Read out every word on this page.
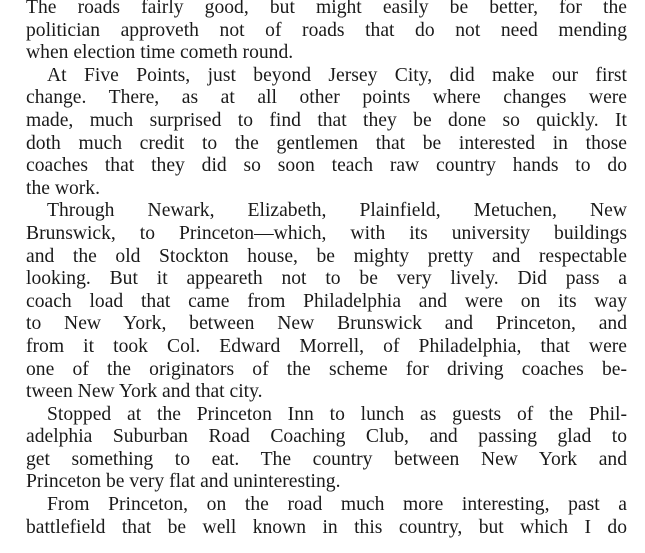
The roads fairly good, but might easily be better, for the
politician approveth not of roads that do not need mending
when election time cometh round.
At Five Points, just beyond Jersey City, did make our first
change. There, as at all other points where changes were
made, much surprised to find that they be done so quickly. It
doth much credit to the gentlemen that be interested in those
coaches that they did so soon teach raw country hands to do
the work.
Through Newark, Elizabeth, Plainfield, Metuchen, New
Brunswick, to Princeton—which, with its university buildings
and the old Stockton house, be mighty pretty and respectable
looking. But it appeareth not to be very lively. Did pass a
coach load that came from Philadelphia and were on its way
to New York, between New Brunswick and Princeton, and
from it took Col. Edward Morrell, of Philadelphia, that were
one of the originators of the scheme for driving coaches be-
tween New York and that city.
Stopped at the Princeton Inn to lunch as guests of the Phil-
adelphia Suburban Road Coaching Club, and passing glad to
get something to eat. The country between New York and
Princeton be very flat and uninteresting.
From Princeton, on the road much more interesting, past a
battlefield that be well known in this country, but which I do
